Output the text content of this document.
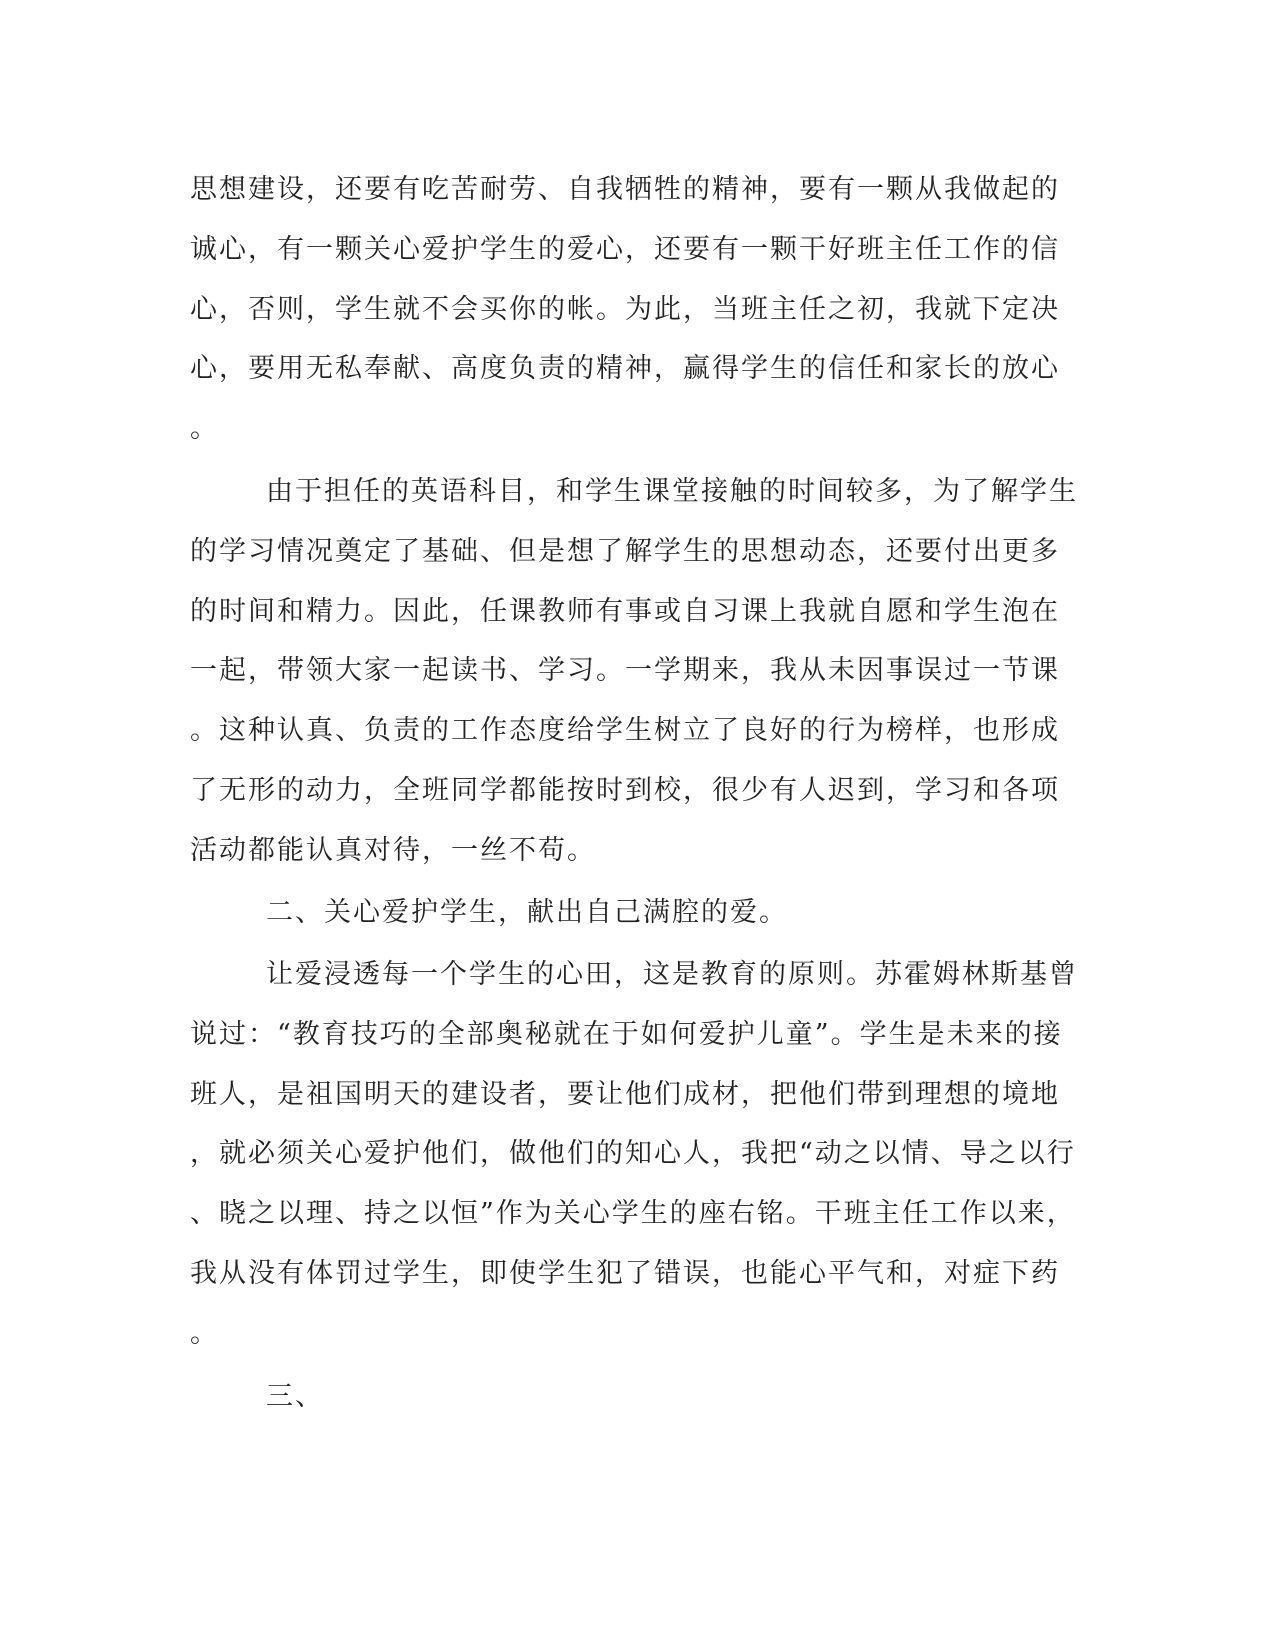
思想建设，还要有吃苦耐劳、自我牺牲的精神，要有一颗从我做起的
诚心，有一颗关心爱护学生的爱心，还要有一颗干好班主任工作的信
心，否则，学生就不会买你的帐。为此，当班主任之初，我就下定决
心，要用无私奉献、高度负责的精神，赢得学生的信任和家长的放心
。
由于担任的英语科目，和学生课堂接触的时间较多，为了解学生
的学习情况奠定了基础、但是想了解学生的思想动态，还要付出更多
的时间和精力。因此，任课教师有事或自习课上我就自愿和学生泡在
一起，带领大家一起读书、学习。一学期来，我从未因事误过一节课
。这种认真、负责的工作态度给学生树立了良好的行为榜样，也形成
了无形的动力，全班同学都能按时到校，很少有人迟到，学习和各项
活动都能认真对待，一丝不苟。
二、关心爱护学生，献出自己满腔的爱。
让爱浸透每一个学生的心田，这是教育的原则。苏霍姆林斯基曾
说过：“教育技巧的全部奥秘就在于如何爱护儿童”。学生是未来的接
班人，是祖国明天的建设者，要让他们成材，把他们带到理想的境地
，就必须关心爱护他们，做他们的知心人，我把“动之以情、导之以行
、晓之以理、持之以恒”作为关心学生的座右铭。干班主任工作以来，
我从没有体罚过学生，即使学生犯了错误，也能心平气和，对症下药
。
三、
